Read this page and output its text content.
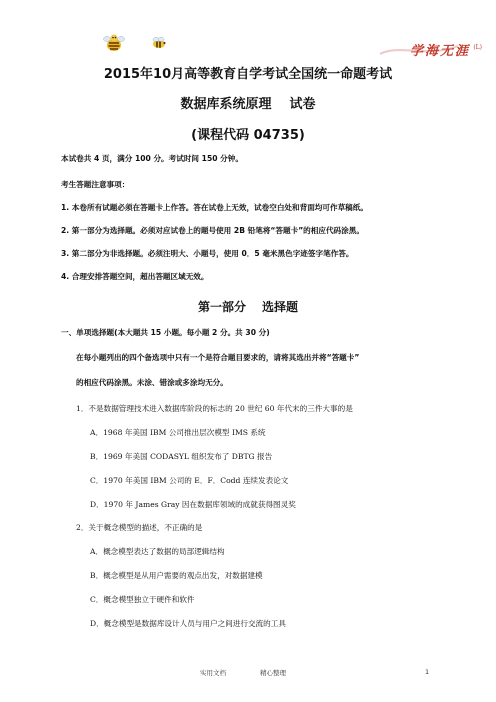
学海无涯 (L)
2015年10月高等教育自学考试全国统一命题考试
数据库系统原理 试卷
(课程代码 04735)
本试卷共 4 页，满分 100 分。考试时间 150 分钟。
考生答题注意事项：
1. 本卷所有试题必须在答题卡上作答。答在试卷上无效，试卷空白处和背面均可作草稿纸。
2. 第一部分为选择题。必须对应试卷上的题号使用 2B 铅笔将“答题卡”的相应代码涂黑。
3. 第二部分为非选择题。必须注明大、小题号，使用 0．5 毫米黑色字迹签字笔作答。
4. 合理安排答题空间，超出答题区域无效。
第一部分 选择题
一、单项选择题(本大题共 15 小题。每小题 2 分。共 30 分)
在每小题列出的四个备选项中只有一个是符合题目要求的，请将其选出并将“答题卡”
的相应代码涂黑。未涂、错涂或多涂均无分。
1．不是数据管理技术进入数据库阶段的标志的 20 世纪 60 年代末的三件大事的是
A．1968 年美国 IBM 公司推出层次模型 IMS 系统
B．1969 年美国 CODASYL 组织发布了 DBTG 报告
C．1970 年美国 IBM 公司的 E．F．Codd 连续发表论文
D．1970 年 James Gray 因在数据库领域的成就获得图灵奖
2．关于概念模型的描述，不正确的是
A．概念模型表达了数据的局部逻辑结构
B．概念模型是从用户需要的观点出发，对数据建模
C．概念模型独立于硬件和软件
D．概念模型是数据库设计人员与用户之间进行交流的工具
实用文档	精心整理	1
